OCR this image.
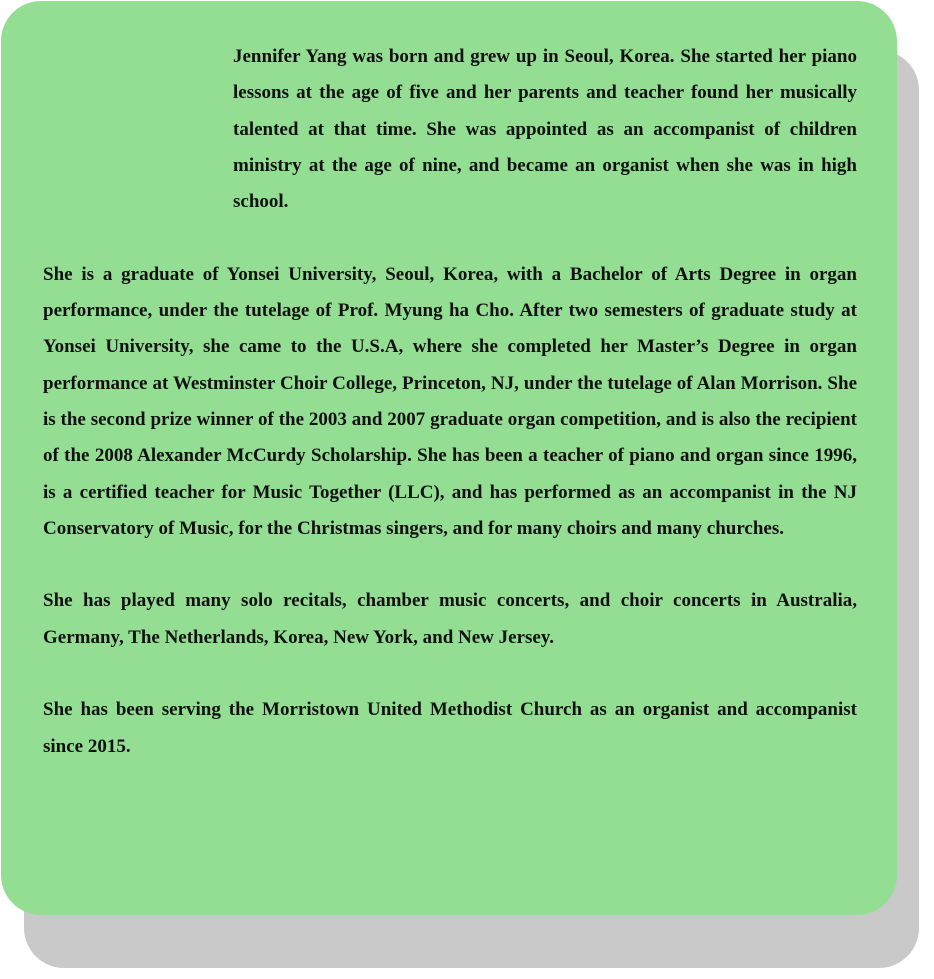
Jennifer Yang was born and grew up in Seoul, Korea. She started her piano lessons at the age of five and her parents and teacher found her musically talented at that time. She was appointed as an accompanist of children ministry at the age of nine, and became an organist when she was in high school.

She is a graduate of Yonsei University, Seoul, Korea, with a Bachelor of Arts Degree in organ performance, under the tutelage of Prof. Myung ha Cho. After two semesters of graduate study at Yonsei University, she came to the U.S.A, where she completed her Master’s Degree in organ performance at Westminster Choir College, Princeton, NJ, under the tutelage of Alan Morrison. She is the second prize winner of the 2003 and 2007 graduate organ competition, and is also the recipient of the 2008 Alexander McCurdy Scholarship. She has been a teacher of piano and organ since 1996, is a certified teacher for Music Together (LLC), and has performed as an accompanist in the NJ Conservatory of Music, for the Christmas singers, and for many choirs and many churches.

She has played many solo recitals, chamber music concerts, and choir concerts in Australia, Germany, The Netherlands, Korea, New York, and New Jersey.

She has been serving the Morristown United Methodist Church as an organist and accompanist since 2015.
